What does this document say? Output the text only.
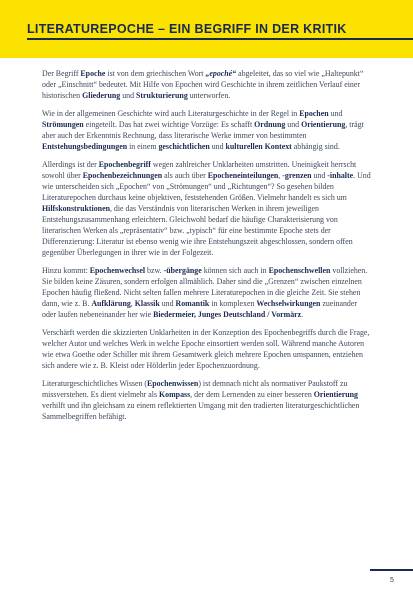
LITERATUREPOCHE – EIN BEGRIFF IN DER KRITIK

Der Begriff Epoche ist von dem griechischen Wort „epoché“ abgeleitet, das so viel wie „Haltepunkt“ oder „Einschnitt“ bedeutet. Mit Hilfe von Epochen wird Geschichte in ihrem zeitlichen Verlauf einer historischen Gliederung und Strukturierung unterworfen.

Wie in der allgemeinen Geschichte wird auch Literaturgeschichte in der Regel in Epochen und Strömungen eingeteilt. Das hat zwei wichtige Vorzüge: Es schafft Ordnung und Orientierung, trägt aber auch der Erkenntnis Rechnung, dass literarische Werke immer von bestimmten Entstehungsbedingungen in einem geschichtlichen und kulturellen Kontext abhängig sind.

Allerdings ist der Epochenbegriff wegen zahlreicher Unklarheiten umstritten. Uneinigkeit herrscht sowohl über Epochenbezeichnungen als auch über Epocheneinteilungen, -grenzen und -inhalte. Und wie unterscheiden sich „Epochen“ von „Strömungen“ und „Richtungen“? So gesehen bilden Literaturepochen durchaus keine objektiven, feststehenden Größen. Vielmehr handelt es sich um Hilfskonstruktionen, die das Verständnis von literarischen Werken in ihrem jeweiligen Entstehungszusammenhang erleichtern. Gleichwohl bedarf die häufige Charakterisierung von literarischen Werken als „repräsentativ“ bzw. „typisch“ für eine bestimmte Epoche stets der Differenzierung: Literatur ist ebenso wenig wie ihre Entstehungszeit abgeschlossen, sondern offen gegenüber Überlegungen in ihrer wie in der Folgezeit.

Hinzu kommt: Epochenwechsel bzw. -übergänge können sich auch in Epochenschwellen vollziehen. Sie bilden keine Zäsuren, sondern erfolgen allmählich. Daher sind die „Grenzen“ zwischen einzelnen Epochen häufig fließend. Nicht selten fallen mehrere Literaturepochen in die gleiche Zeit. Sie stehen dann, wie z. B. Aufklärung, Klassik und Romantik in komplexen Wechselwirkungen zueinander oder laufen nebeneinander her wie Biedermeier, Junges Deutschland / Vormärz.

Verschärft werden die skizzierten Unklarheiten in der Konzeption des Epochenbegriffs durch die Frage, welcher Autor und welches Werk in welche Epoche einsortiert werden soll. Während manche Autoren wie etwa Goethe oder Schiller mit ihrem Gesamtwerk gleich mehrere Epochen umspannen, entziehen sich andere wie z. B. Kleist oder Hölderlin jeder Epochenzuordnung.

Literaturgeschichtliches Wissen (Epochenwissen) ist demnach nicht als normativer Paukstoff zu missverstehen. Es dient vielmehr als Kompass, der dem Lernenden zu einer besseren Orientierung verhilft und ihn gleichsam zu einem reflektierten Umgang mit den tradierten literaturgeschichtlichen Sammelbegriffen befähigt.

5
